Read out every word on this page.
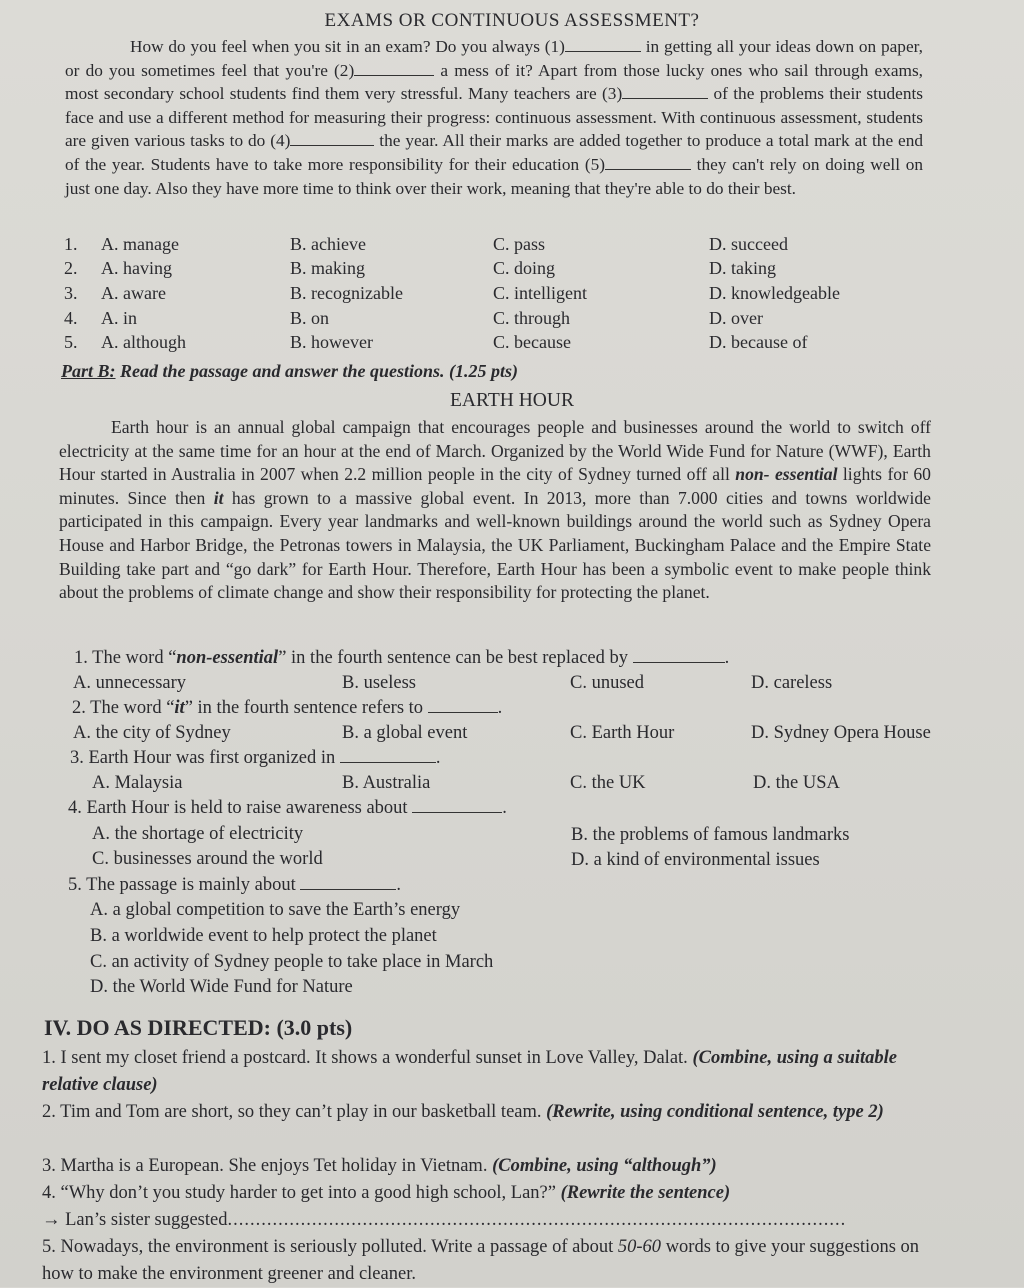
EXAMS OR CONTINUOUS ASSESSMENT?
How do you feel when you sit in an exam? Do you always (1)	in getting all your ideas down on paper, or do you sometimes feel that you're (2)	a mess of it? Apart from those lucky ones who sail through exams, most secondary school students find them very stressful. Many teachers are (3)	of the problems their students face and use a different method for measuring their progress: continuous assessment. With continuous assessment, students are given various tasks to do (4)	the year. All their marks are added together to produce a total mark at the end of the year. Students have to take more responsibility for their education (5)	they can't rely on doing well on just one day. Also they have more time to think over their work, meaning that they're able to do their best.
1. A. manage	B. achieve	C. pass	D. succeed
2. A. having	B. making	C. doing	D. taking
3. A. aware	B. recognizable	C. intelligent	D. knowledgeable
4. A. in	B. on	C. through	D. over
5. A. although	B. however	C. because	D. because of
Part B: Read the passage and answer the questions. (1.25 pts)
EARTH HOUR
Earth hour is an annual global campaign that encourages people and businesses around the world to switch off electricity at the same time for an hour at the end of March. Organized by the World Wide Fund for Nature (WWF), Earth Hour started in Australia in 2007 when 2.2 million people in the city of Sydney turned off all non- essential lights for 60 minutes. Since then it has grown to a massive global event. In 2013, more than 7.000 cities and towns worldwide participated in this campaign. Every year landmarks and well-known buildings around the world such as Sydney Opera House and Harbor Bridge, the Petronas towers in Malaysia, the UK Parliament, Buckingham Palace and the Empire State Building take part and “go dark” for Earth Hour. Therefore, Earth Hour has been a symbolic event to make people think about the problems of climate change and show their responsibility for protecting the planet.
1. The word “non-essential” in the fourth sentence can be best replaced by	.
A. unnecessary	B. useless	C. unused	D. careless
2. The word “it” in the fourth sentence refers to	.
A. the city of Sydney	B. a global event	C. Earth Hour	D. Sydney Opera House
3. Earth Hour was first organized in	.
A. Malaysia	B. Australia	C. the UK	D. the USA
4. Earth Hour is held to raise awareness about	.
A. the shortage of electricity	B. the problems of famous landmarks
C. businesses around the world	D. a kind of environmental issues
5. The passage is mainly about	.
A. a global competition to save the Earth’s energy
B. a worldwide event to help protect the planet
C. an activity of Sydney people to take place in March
D. the World Wide Fund for Nature
IV. DO AS DIRECTED: (3.0 pts)
1. I sent my closet friend a postcard. It shows a wonderful sunset in Love Valley, Dalat. (Combine, using a suitable relative clause)
2. Tim and Tom are short, so they can’t play in our basketball team. (Rewrite, using conditional sentence, type 2)
3. Martha is a European. She enjoys Tet holiday in Vietnam. (Combine, using “although”)
4. “Why don’t you study harder to get into a good high school, Lan?” (Rewrite the sentence)
→ Lan’s sister suggested..............................................................................................................
5. Nowadays, the environment is seriously polluted. Write a passage of about 50-60 words to give your suggestions on how to make the environment greener and cleaner.
